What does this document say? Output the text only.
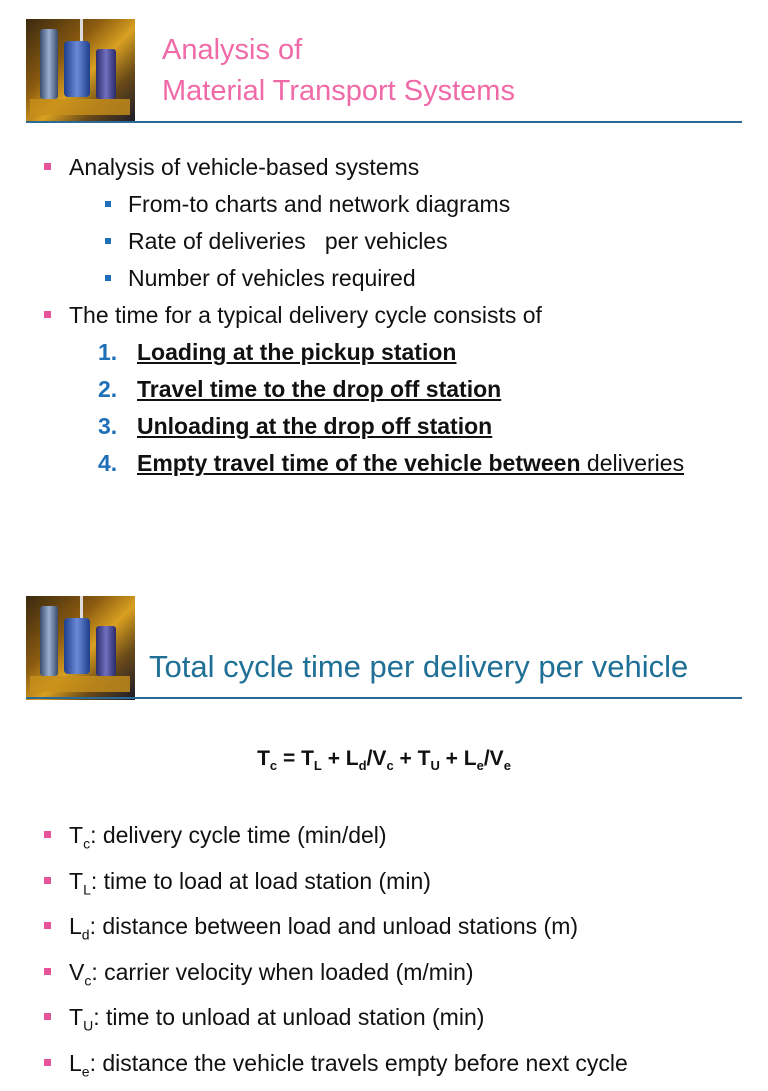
Analysis of
Material Transport Systems
Analysis of vehicle-based systems
From-to charts and network diagrams
Rate of deliveries   per vehicles
Number of vehicles required
The time for a typical delivery cycle consists of
1. Loading at the pickup station
2. Travel time to the drop off station
3. Unloading at the drop off station
4. Empty travel time of the vehicle between deliveries
Total cycle time per delivery per vehicle
$T_c = T_L + L_d/V_c + T_U + L_e/V_e$
$T_c$: delivery cycle time (min/del)
$T_L$: time to load at load station (min)
$L_d$: distance between load and unload stations (m)
$V_c$: carrier velocity when loaded (m/min)
$T_U$: time to unload at unload station (min)
$L_e$: distance the vehicle travels empty before next cycle
